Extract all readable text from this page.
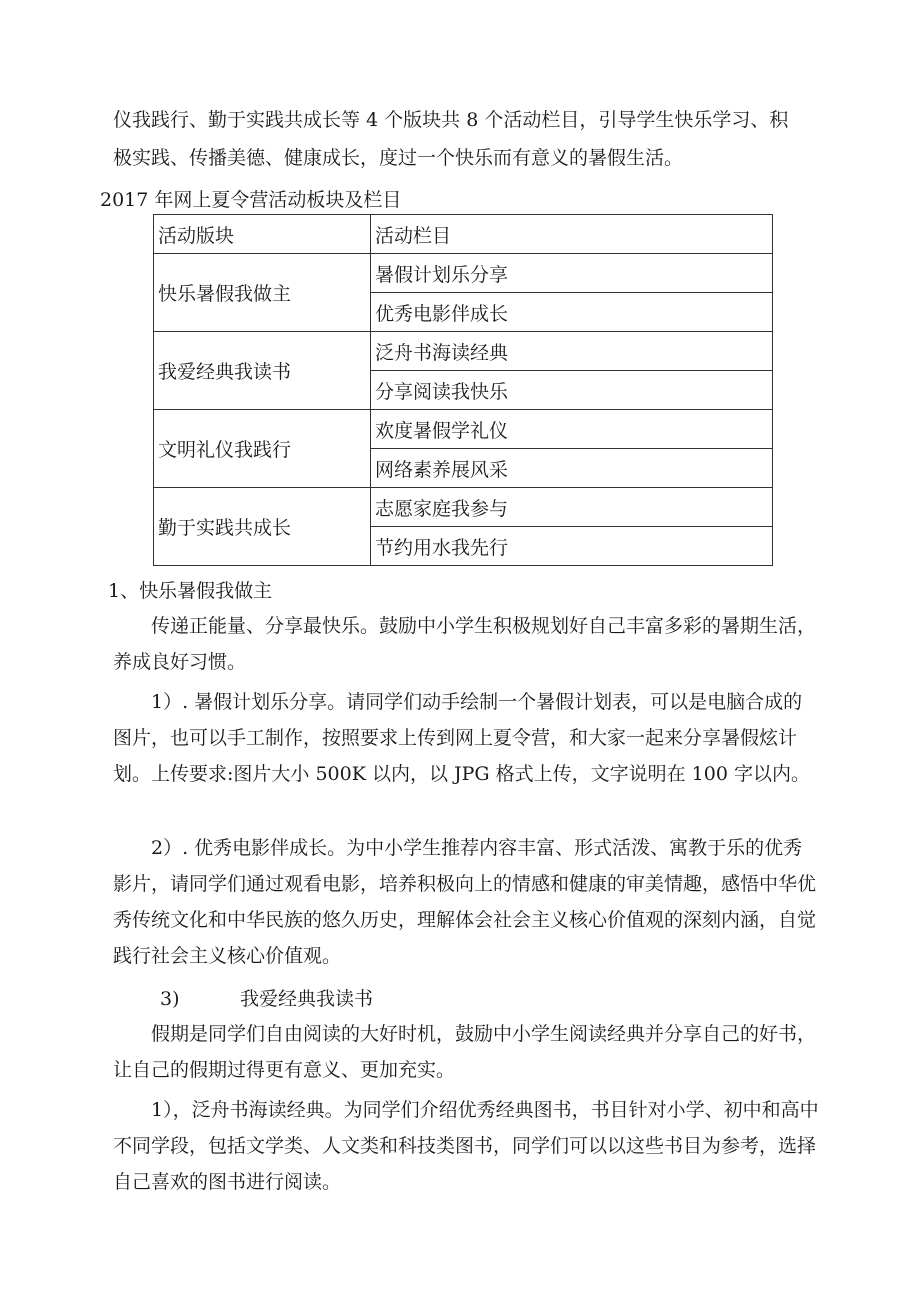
仪我践行、勤于实践共成长等 4 个版块共 8 个活动栏目，引导学生快乐学习、积

极实践、传播美德、健康成长，度过一个快乐而有意义的暑假生活。

2017 年网上夏令营活动板块及栏目
活动版块	活动栏目
快乐暑假我做主	暑假计划乐分享
	优秀电影伴成长
我爱经典我读书	泛舟书海读经典
	分享阅读我快乐
文明礼仪我践行	欢度暑假学礼仪
	网络素养展风采
勤于实践共成长	志愿家庭我参与
	节约用水我先行
1、快乐暑假我做主

传递正能量、分享最快乐。鼓励中小学生积极规划好自己丰富多彩的暑期生活，养成良好习惯。

1）. 暑假计划乐分享。请同学们动手绘制一个暑假计划表，可以是电脑合成的图片，也可以手工制作，按照要求上传到网上夏令营，和大家一起来分享暑假炫计划。上传要求:图片大小 500K 以内，以 JPG 格式上传，文字说明在 100 字以内。

2）. 优秀电影伴成长。为中小学生推荐内容丰富、形式活泼、寓教于乐的优秀影片，请同学们通过观看电影，培养积极向上的情感和健康的审美情趣，感悟中华优秀传统文化和中华民族的悠久历史，理解体会社会主义核心价值观的深刻内涵，自觉践行社会主义核心价值观。

3)	我爱经典我读书

假期是同学们自由阅读的大好时机，鼓励中小学生阅读经典并分享自己的好书，让自己的假期过得更有意义、更加充实。

1），泛舟书海读经典。为同学们介绍优秀经典图书，书目针对小学、初中和高中不同学段，包括文学类、人文类和科技类图书，同学们可以以这些书目为参考，选择自己喜欢的图书进行阅读。
